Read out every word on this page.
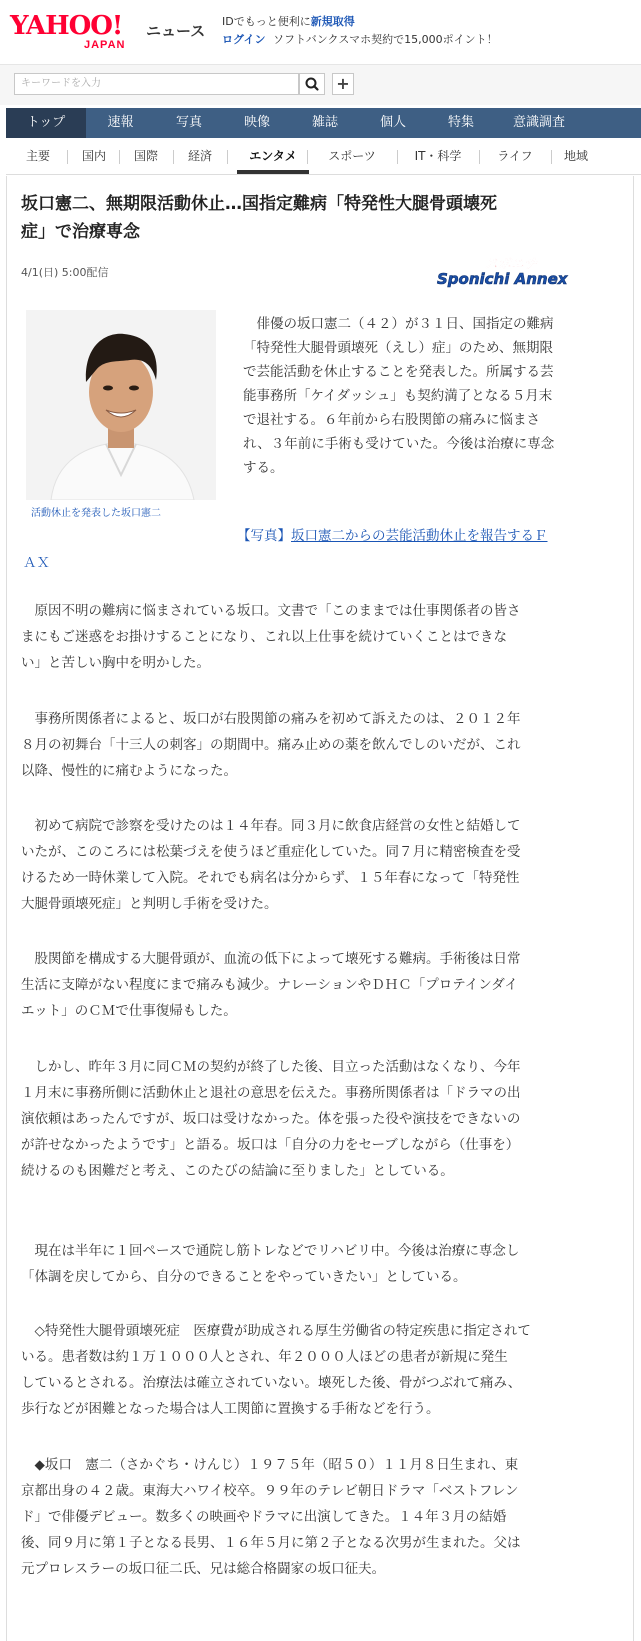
YAHOO!
JAPAN
ニュース
IDでもっと便利に新規取得
ログイン ソフトバンクスマホ契約で15,000ポイント！
キーワードを入力	+
トップ	速報	写真	映像	雑誌	個人	特集	意識調査
主要	国内	国際	経済	エンタメ	スポーツ	IT・科学	ライフ	地域
坂口憲二、無期限活動休止…国指定難病「特発性大腿骨頭壊死
症」で治療専念
4/1(日) 5:00配信
スポニチ
Sponichi Annex
活動休止を発表した坂口憲二
　俳優の坂口憲二（４２）が３１日、国指定の難病
「特発性大腿骨頭壊死（えし）症」のため、無期限
で芸能活動を休止することを発表した。所属する芸
能事務所「ケイダッシュ」も契約満了となる５月末
で退社する。６年前から右股関節の痛みに悩まさ
れ、３年前に手術も受けていた。今後は治療に専念
する。
【写真】坂口憲二からの芸能活動休止を報告するＦ
ＡＸ
　原因不明の難病に悩まされている坂口。文書で「このままでは仕事関係者の皆さ
まにもご迷惑をお掛けすることになり、これ以上仕事を続けていくことはできな
い」と苦しい胸中を明かした。
　事務所関係者によると、坂口が右股関節の痛みを初めて訴えたのは、２０１２年
８月の初舞台「十三人の刺客」の期間中。痛み止めの薬を飲んでしのいだが、これ
以降、慢性的に痛むようになった。
　初めて病院で診察を受けたのは１４年春。同３月に飲食店経営の女性と結婚して
いたが、このころには松葉づえを使うほど重症化していた。同７月に精密検査を受
けるため一時休業して入院。それでも病名は分からず、１５年春になって「特発性
大腿骨頭壊死症」と判明し手術を受けた。
　股関節を構成する大腿骨頭が、血流の低下によって壊死する難病。手術後は日常
生活に支障がない程度にまで痛みも減少。ナレーションやＤＨＣ「プロテインダイ
エット」のＣＭで仕事復帰もした。
　しかし、昨年３月に同ＣＭの契約が終了した後、目立った活動はなくなり、今年
１月末に事務所側に活動休止と退社の意思を伝えた。事務所関係者は「ドラマの出
演依頼はあったんですが、坂口は受けなかった。体を張った役や演技をできないの
が許せなかったようです」と語る。坂口は「自分の力をセーブしながら（仕事を）
続けるのも困難だと考え、このたびの結論に至りました」としている。
　現在は半年に１回ペースで通院し筋トレなどでリハビリ中。今後は治療に専念し
「体調を戻してから、自分のできることをやっていきたい」としている。
　◇特発性大腿骨頭壊死症　医療費が助成される厚生労働省の特定疾患に指定されて
いる。患者数は約１万１０００人とされ、年２０００人ほどの患者が新規に発生
しているとされる。治療法は確立されていない。壊死した後、骨がつぶれて痛み、
歩行などが困難となった場合は人工関節に置換する手術などを行う。
　◆坂口　憲二（さかぐち・けんじ）１９７５年（昭５０）１１月８日生まれ、東
京都出身の４２歳。東海大ハワイ校卒。９９年のテレビ朝日ドラマ「ベストフレン
ド」で俳優デビュー。数多くの映画やドラマに出演してきた。１４年３月の結婚
後、同９月に第１子となる長男、１６年５月に第２子となる次男が生まれた。父は
元プロレスラーの坂口征二氏、兄は総合格闘家の坂口征夫。
